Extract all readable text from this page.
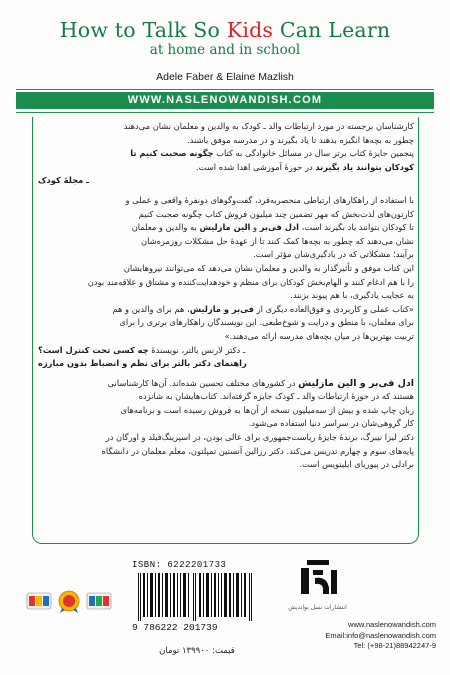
How to Talk So Kids Can Learn
at home and in school
Adele Faber & Elaine Mazlish
WWW.NASLENOWANDISH.COM

کارشناسان برجسته در مورد ارتباطات والد ـ کودک به والدین و معلمان نشان می‌دهند

چطور به بچه‌ها انگیزه بدهند تا یاد بگیرند و در مدرسه موفق باشند.

پنجمین جایزهٔ کتاب برتر سال در مسائل خانوادگی به کتاب چگونه صحبت کنیم تا

کودکان بتوانند یاد بگیرند در حوزهٔ آموزشی اهدا شده است.

ـ مجلهٔ کودک

با استفاده از راهکارهای ارتباطی منحصربه‌فرد، گفت‌وگوهای دونفرهٔ واقعی و عملی و

کارتون‌های لذت‌بخش که مهر تضمین چند میلیون فروش کتاب چگونه صحبت کنیم

تا کودکان بتوانند یاد بگیرند است، ادل فی‌بر و الین مازلیش به والدین و معلمان

نشان می‌دهند که چطور به بچه‌ها کمک کنند تا از عهدهٔ حل مشکلات روزمره‌شان

برآیند؛ مشکلاتی که در یادگیری‌شان مؤثر است.

این کتاب موفق و تأثیرگذار به والدین و معلمان نشان می‌دهد که می‌توانند نیروهایشان

را با هم ادغام کنند و الهام‌بخش کودکان برای منظم و خودهدایت‌کننده و مشتاق و علاقه‌مند بودن

به عجایب یادگیری، با هم پیوند بزنند.

«کتاب عملی و کاربردی و فوق‌العاده دیگری از فی‌بر و مازلیش، هم برای والدین و هم

برای معلمان، با منطق و درایت و شوخ‌طبعی. این نویسندگان راهکارهای برتری را برای

تربیت بهترین‌ها در میان بچه‌های مدرسه ارائه می‌دهند.»

ـ دکتر لارنس بالتر، نویسندهٔ چه کسی تحت کنترل است؟

راهنمای دکتر بالتر برای نظم و انضباط بدون مبارزه

ادل فی‌بر و الین مازلیش در کشورهای مختلف تحسین شده‌اند. آن‌ها کارشناسانی

هستند که در حوزهٔ ارتباطات والد ـ کودک جایزه گرفته‌اند. کتاب‌هایشان به شانزده

زبان چاپ شده و بیش از سه‌میلیون نسخه از آن‌ها به فروش رسیده است و برنامه‌های

کار گروهی‌شان در سراسر دنیا استفاده می‌شود.

دکتر لیزا نیبرگ، برندهٔ جایزهٔ ریاست‌جمهوری برای عالی بودن، در اسپرینگ‌فیلد و اورگان در

پایه‌های سوم و چهارم تدریس می‌کند. دکتر رزالین آنستین تمپلتون، معلم معلمان در دانشگاه

برادلی در پیوریای ایلینویس است.

ISBN: 6222201733
9 786222 201739
قیمت: ۱۳۹۹۰۰ تومان
انتشارات نسل نواندیش
www.naslenowandish.com
Email:info@naslenowandish.com
Tel: (+98-21)88942247-9
